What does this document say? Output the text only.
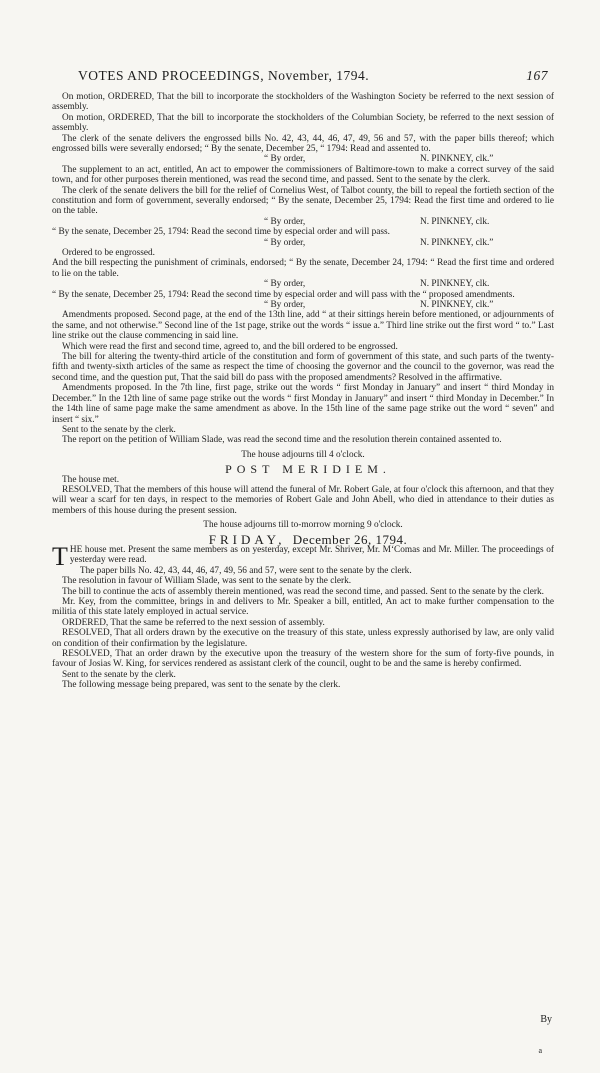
VOTES AND PROCEEDINGS, November, 1794.	167

On motion, ORDERED, That the bill to incorporate the stockholders of the Washington Society be referred to the next session of assembly.

On motion, ORDERED, That the bill to incorporate the stockholders of the Columbian Society, be referred to the next session of assembly.

The clerk of the senate delivers the engrossed bills No. 42, 43, 44, 46, 47, 49, 56 and 57, with the paper bills thereof; which engrossed bills were severally endorsed; “ By the senate, December 25, “ 1794: Read and assented to.

“ By order,	N. PINKNEY, clk.”

The supplement to an act, entitled, An act to empower the commissioners of Baltimore-town to make a correct survey of the said town, and for other purposes therein mentioned, was read the second time, and passed. Sent to the senate by the clerk.

The clerk of the senate delivers the bill for the relief of Cornelius West, of Talbot county, the bill to repeal the fortieth section of the constitution and form of government, severally endorsed; “ By the senate, December 25, 1794: Read the first time and ordered to lie on the table.

“ By order,	N. PINKNEY, clk.

“ By the senate, December 25, 1794: Read the second time by especial order and will pass.

“ By order,	N. PINKNEY, clk.”

Ordered to be engrossed.

And the bill respecting the punishment of criminals, endorsed; “ By the senate, December 24, 1794: “ Read the first time and ordered to lie on the table.

“ By order,	N. PINKNEY, clk.

“ By the senate, December 25, 1794: Read the second time by especial order and will pass with the “ proposed amendments.

“ By order,	N. PINKNEY, clk.”

Amendments proposed. Second page, at the end of the 13th line, add “ at their sittings herein before mentioned, or adjournments of the same, and not otherwise.” Second line of the 1st page, strike out the words “ issue a.” Third line strike out the first word “ to.” Last line strike out the clause commencing in said line.

Which were read the first and second time, agreed to, and the bill ordered to be engrossed.

The bill for altering the twenty-third article of the constitution and form of government of this state, and such parts of the twenty-fifth and twenty-sixth articles of the same as respect the time of choosing the governor and the council to the governor, was read the second time, and the question put, That the said bill do pass with the proposed amendments? Resolved in the affirmative.

Amendments proposed. In the 7th line, first page, strike out the words “ first Monday in January” and insert “ third Monday in December.” In the 12th line of same page strike out the words “ first Monday in January” and insert “ third Monday in December.” In the 14th line of same page make the same amendment as above. In the 15th line of the same page strike out the word “ seven” and insert “ six.”

Sent to the senate by the clerk.

The report on the petition of William Slade, was read the second time and the resolution therein contained assented to.

The house adjourns till 4 o'clock.

POST MERIDIEM.

The house met.

RESOLVED, That the members of this house will attend the funeral of Mr. Robert Gale, at four o'clock this afternoon, and that they will wear a scarf for ten days, in respect to the memories of Robert Gale and John Abell, who died in attendance to their duties as members of this house during the present session.

The house adjourns till to-morrow morning 9 o'clock.

FRIDAY, December 26, 1794.

T HE house met. Present the same members as on yesterday, except Mr. Shriver, Mr. M‘Comas and Mr. Miller. The proceedings of yesterday were read.

The paper bills No. 42, 43, 44, 46, 47, 49, 56 and 57, were sent to the senate by the clerk.

The resolution in favour of William Slade, was sent to the senate by the clerk.

The bill to continue the acts of assembly therein mentioned, was read the second time, and passed. Sent to the senate by the clerk.

Mr. Key, from the committee, brings in and delivers to Mr. Speaker a bill, entitled, An act to make further compensation to the militia of this state lately employed in actual service.

ORDERED, That the same be referred to the next session of assembly.

RESOLVED, That all orders drawn by the executive on the treasury of this state, unless expressly authorised by law, are only valid on condition of their confirmation by the legislature.

RESOLVED, That an order drawn by the executive upon the treasury of the western shore for the sum of forty-five pounds, in favour of Josias W. King, for services rendered as assistant clerk of the council, ought to be and the same is hereby confirmed.

Sent to the senate by the clerk.

The following message being prepared, was sent to the senate by the clerk.

By
a
